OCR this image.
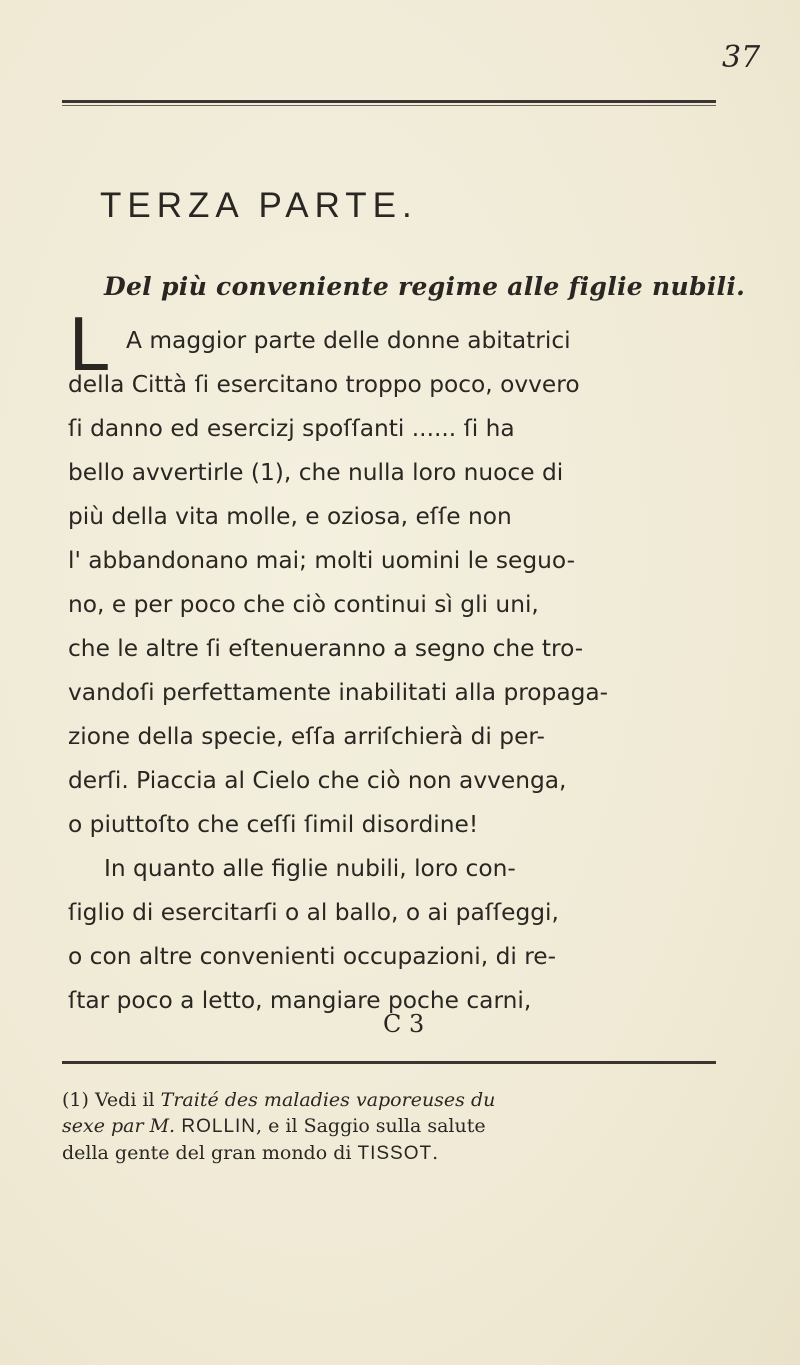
37
TERZA PARTE.
Del più conveniente regime alle figlie nubili.
L A maggior parte delle donne abitatrici
della Città ſi esercitano troppo poco, ovvero
ſi danno ed esercizj spoſſanti ...... ſi ha
bello avvertirle (1), che nulla loro nuoce di
più della vita molle, e oziosa, eſſe non
l' abbandonano mai; molti uomini le seguo-
no, e per poco che ciò continui sì gli uni,
che le altre ſi eſtenueranno a segno che tro-
vandoſi perfettamente inabilitati alla propaga-
zione della specie, eſſa arriſchierà di per-
derſi. Piaccia al Cielo che ciò non avvenga,
o piuttoſto che ceſſi ſimil disordine!
In quanto alle figlie nubili, loro con-
ſiglio di esercitarſi o al ballo, o ai paſſeggi,
o con altre convenienti occupazioni, di re-
ſtar poco a letto, mangiare poche carni,
C 3
(1) Vedi il Traité des maladies vaporeuses du
sexe par M. ROLLIN, e il Saggio sulla salute
della gente del gran mondo di TISSOT.
